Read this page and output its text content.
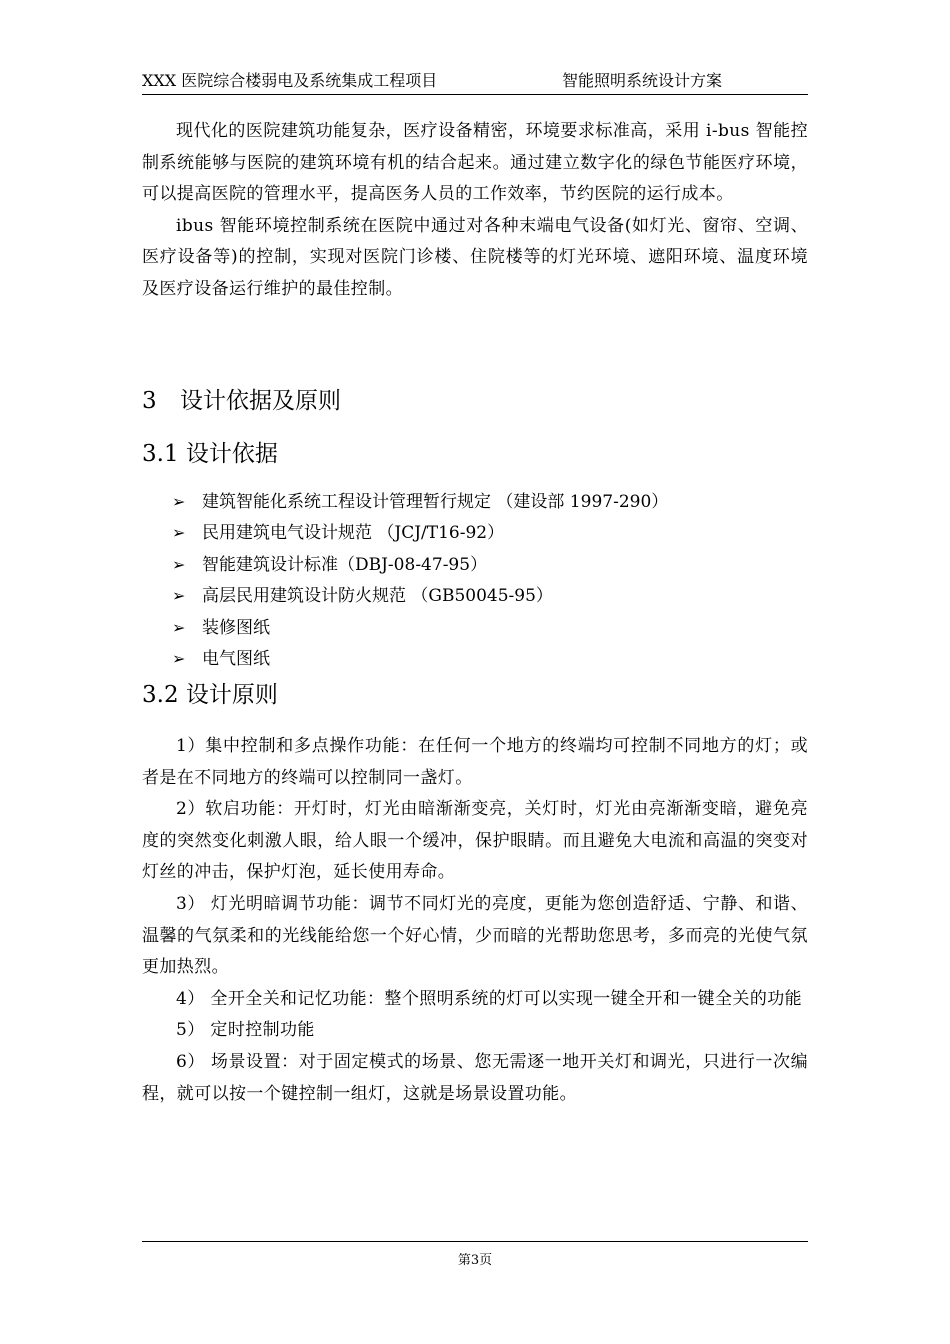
XXX 医院综合楼弱电及系统集成工程项目	智能照明系统设计方案

现代化的医院建筑功能复杂，医疗设备精密，环境要求标准高，采用 i-bus 智能控制系统能够与医院的建筑环境有机的结合起来。通过建立数字化的绿色节能医疗环境，可以提高医院的管理水平，提高医务人员的工作效率，节约医院的运行成本。

ibus 智能环境控制系统在医院中通过对各种末端电气设备(如灯光、窗帘、空调、医疗设备等)的控制，实现对医院门诊楼、住院楼等的灯光环境、遮阳环境、温度环境及医疗设备运行维护的最佳控制。

3 设计依据及原则
3.1 设计依据
➢ 建筑智能化系统工程设计管理暂行规定 （建设部 1997-290）
➢ 民用建筑电气设计规范 （JCJ/T16-92）
➢ 智能建筑设计标准（DBJ-08-47-95）
➢ 高层民用建筑设计防火规范 （GB50045-95）
➢ 装修图纸
➢ 电气图纸
3.2 设计原则

1）集中控制和多点操作功能：在任何一个地方的终端均可控制不同地方的灯；或者是在不同地方的终端可以控制同一盏灯。

2）软启功能：开灯时，灯光由暗渐渐变亮，关灯时，灯光由亮渐渐变暗，避免亮度的突然变化刺激人眼，给人眼一个缓冲，保护眼睛。而且避免大电流和高温的突变对灯丝的冲击，保护灯泡，延长使用寿命。

3） 灯光明暗调节功能：调节不同灯光的亮度，更能为您创造舒适、宁静、和谐、温馨的气氛柔和的光线能给您一个好心情，少而暗的光帮助您思考，多而亮的光使气氛更加热烈。

4） 全开全关和记忆功能：整个照明系统的灯可以实现一键全开和一键全关的功能

5） 定时控制功能

6） 场景设置：对于固定模式的场景、您无需逐一地开关灯和调光，只进行一次编程，就可以按一个键控制一组灯，这就是场景设置功能。

第3页
